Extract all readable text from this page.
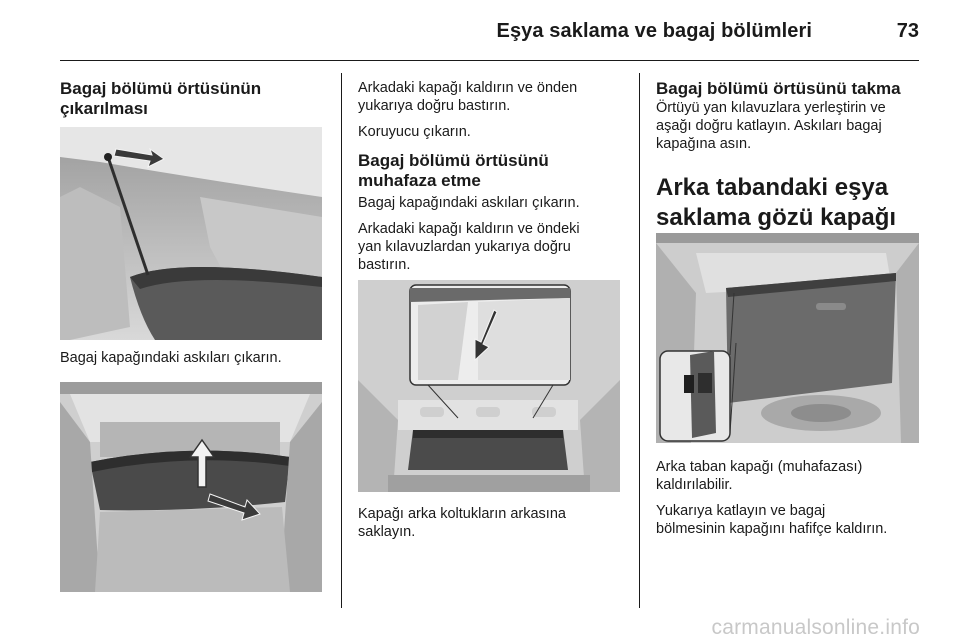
Eşya saklama ve bagaj bölümleri	73
Bagaj bölümü örtüsünün
çıkarılması

Bagaj kapağındaki askıları çıkarın.

Arkadaki kapağı kaldırın ve önden

yukarıya doğru bastırın.

Koruyucu çıkarın.

Bagaj bölümü örtüsünü
muhafaza etme

Bagaj kapağındaki askıları çıkarın.

Arkadaki kapağı kaldırın ve öndeki

yan kılavuzlardan yukarıya doğru

bastırın.

Kapağı arka koltukların arkasına

saklayın.

Bagaj bölümü örtüsünü takma

Örtüyü yan kılavuzlara yerleştirin ve

aşağı doğru katlayın. Askıları bagaj

kapağına asın.

Arka tabandaki eşya
saklama gözü kapağı

Arka taban kapağı (muhafazası)

kaldırılabilir.

Yukarıya katlayın ve bagaj

bölmesinin kapağını hafifçe kaldırın.

carmanualsonline.info
